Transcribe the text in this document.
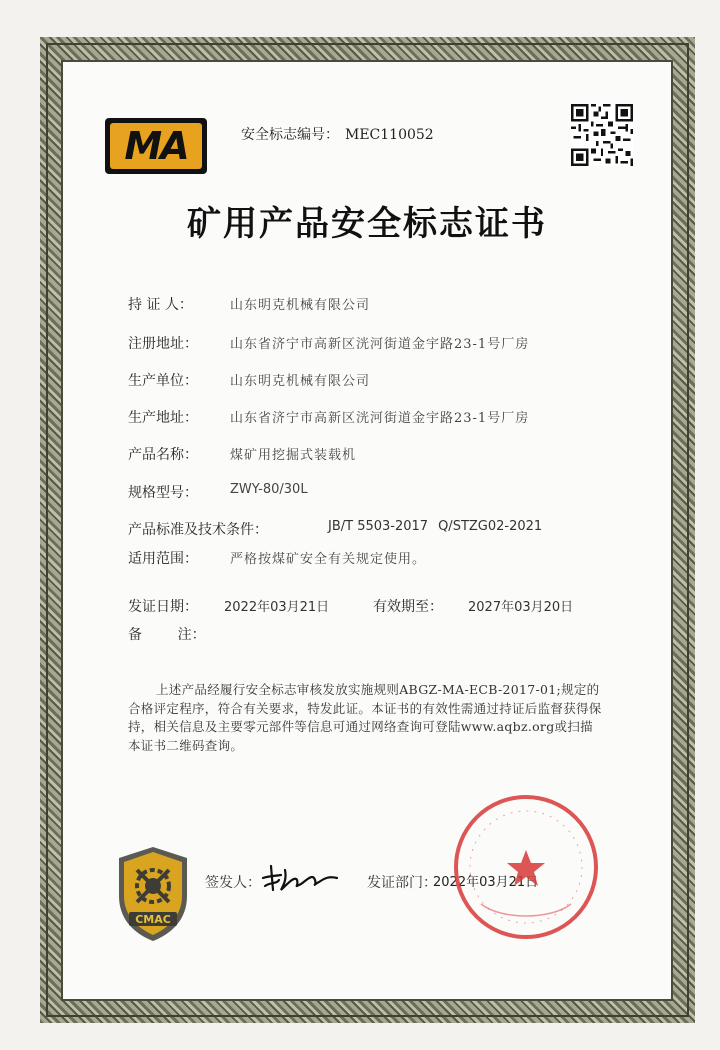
MA	安全标志编号： MEC110052
矿用产品安全标志证书
持 证 人：	山东明克机械有限公司
注册地址： 山东省济宁市高新区洸河街道金宇路23-1号厂房
生产单位： 山东明克机械有限公司
生产地址： 山东省济宁市高新区洸河街道金宇路23-1号厂房
产品名称： 煤矿用挖掘式装载机
规格型号： ZWY-80/30L
产品标准及技术条件：	JB/T 5503-2017 Q/STZG02-2021
适用范围： 严格按煤矿安全有关规定使用。
发证日期： 2022年03月21日	有效期至： 2027年03月20日
备        注：
上述产品经履行安全标志审核发放实施规则ABGZ-MA-ECB-2017-01;规定的合格评定程序，符合有关要求，特发此证。本证书的有效性需通过持证后监督获得保持，相关信息及主要零元部件等信息可通过网络查询可登陆www.aqbz.org或扫描本证书二维码查询。
CMAC
签发人：	发证部门：
2022年03月21日
